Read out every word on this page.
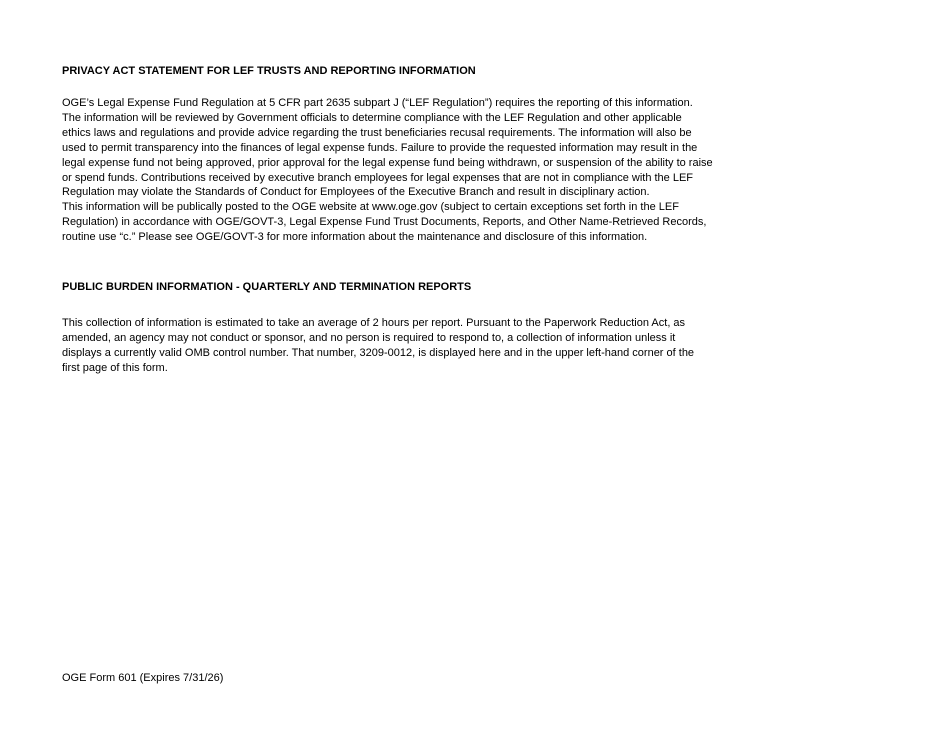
PRIVACY ACT STATEMENT FOR LEF TRUSTS AND REPORTING INFORMATION

OGE’s Legal Expense Fund Regulation at 5 CFR part 2635 subpart J (“LEF Regulation”) requires the reporting of this information.
The information will be reviewed by Government officials to determine compliance with the LEF Regulation and other applicable
ethics laws and regulations and provide advice regarding the trust beneficiaries recusal requirements. The information will also be
used to permit transparency into the finances of legal expense funds. Failure to provide the requested information may result in the
legal expense fund not being approved, prior approval for the legal expense fund being withdrawn, or suspension of the ability to raise
or spend funds. Contributions received by executive branch employees for legal expenses that are not in compliance with the LEF
Regulation may violate the Standards of Conduct for Employees of the Executive Branch and result in disciplinary action.
This information will be publically posted to the OGE website at www.oge.gov (subject to certain exceptions set forth in the LEF
Regulation) in accordance with OGE/GOVT-3, Legal Expense Fund Trust Documents, Reports, and Other Name-Retrieved Records,
routine use “c.” Please see OGE/GOVT-3 for more information about the maintenance and disclosure of this information.

PUBLIC BURDEN INFORMATION - QUARTERLY AND TERMINATION REPORTS

This collection of information is estimated to take an average of 2 hours per report. Pursuant to the Paperwork Reduction Act, as
amended, an agency may not conduct or sponsor, and no person is required to respond to, a collection of information unless it
displays a currently valid OMB control number. That number, 3209-0012, is displayed here and in the upper left-hand corner of the
first page of this form.

OGE Form 601 (Expires 7/31/26)
